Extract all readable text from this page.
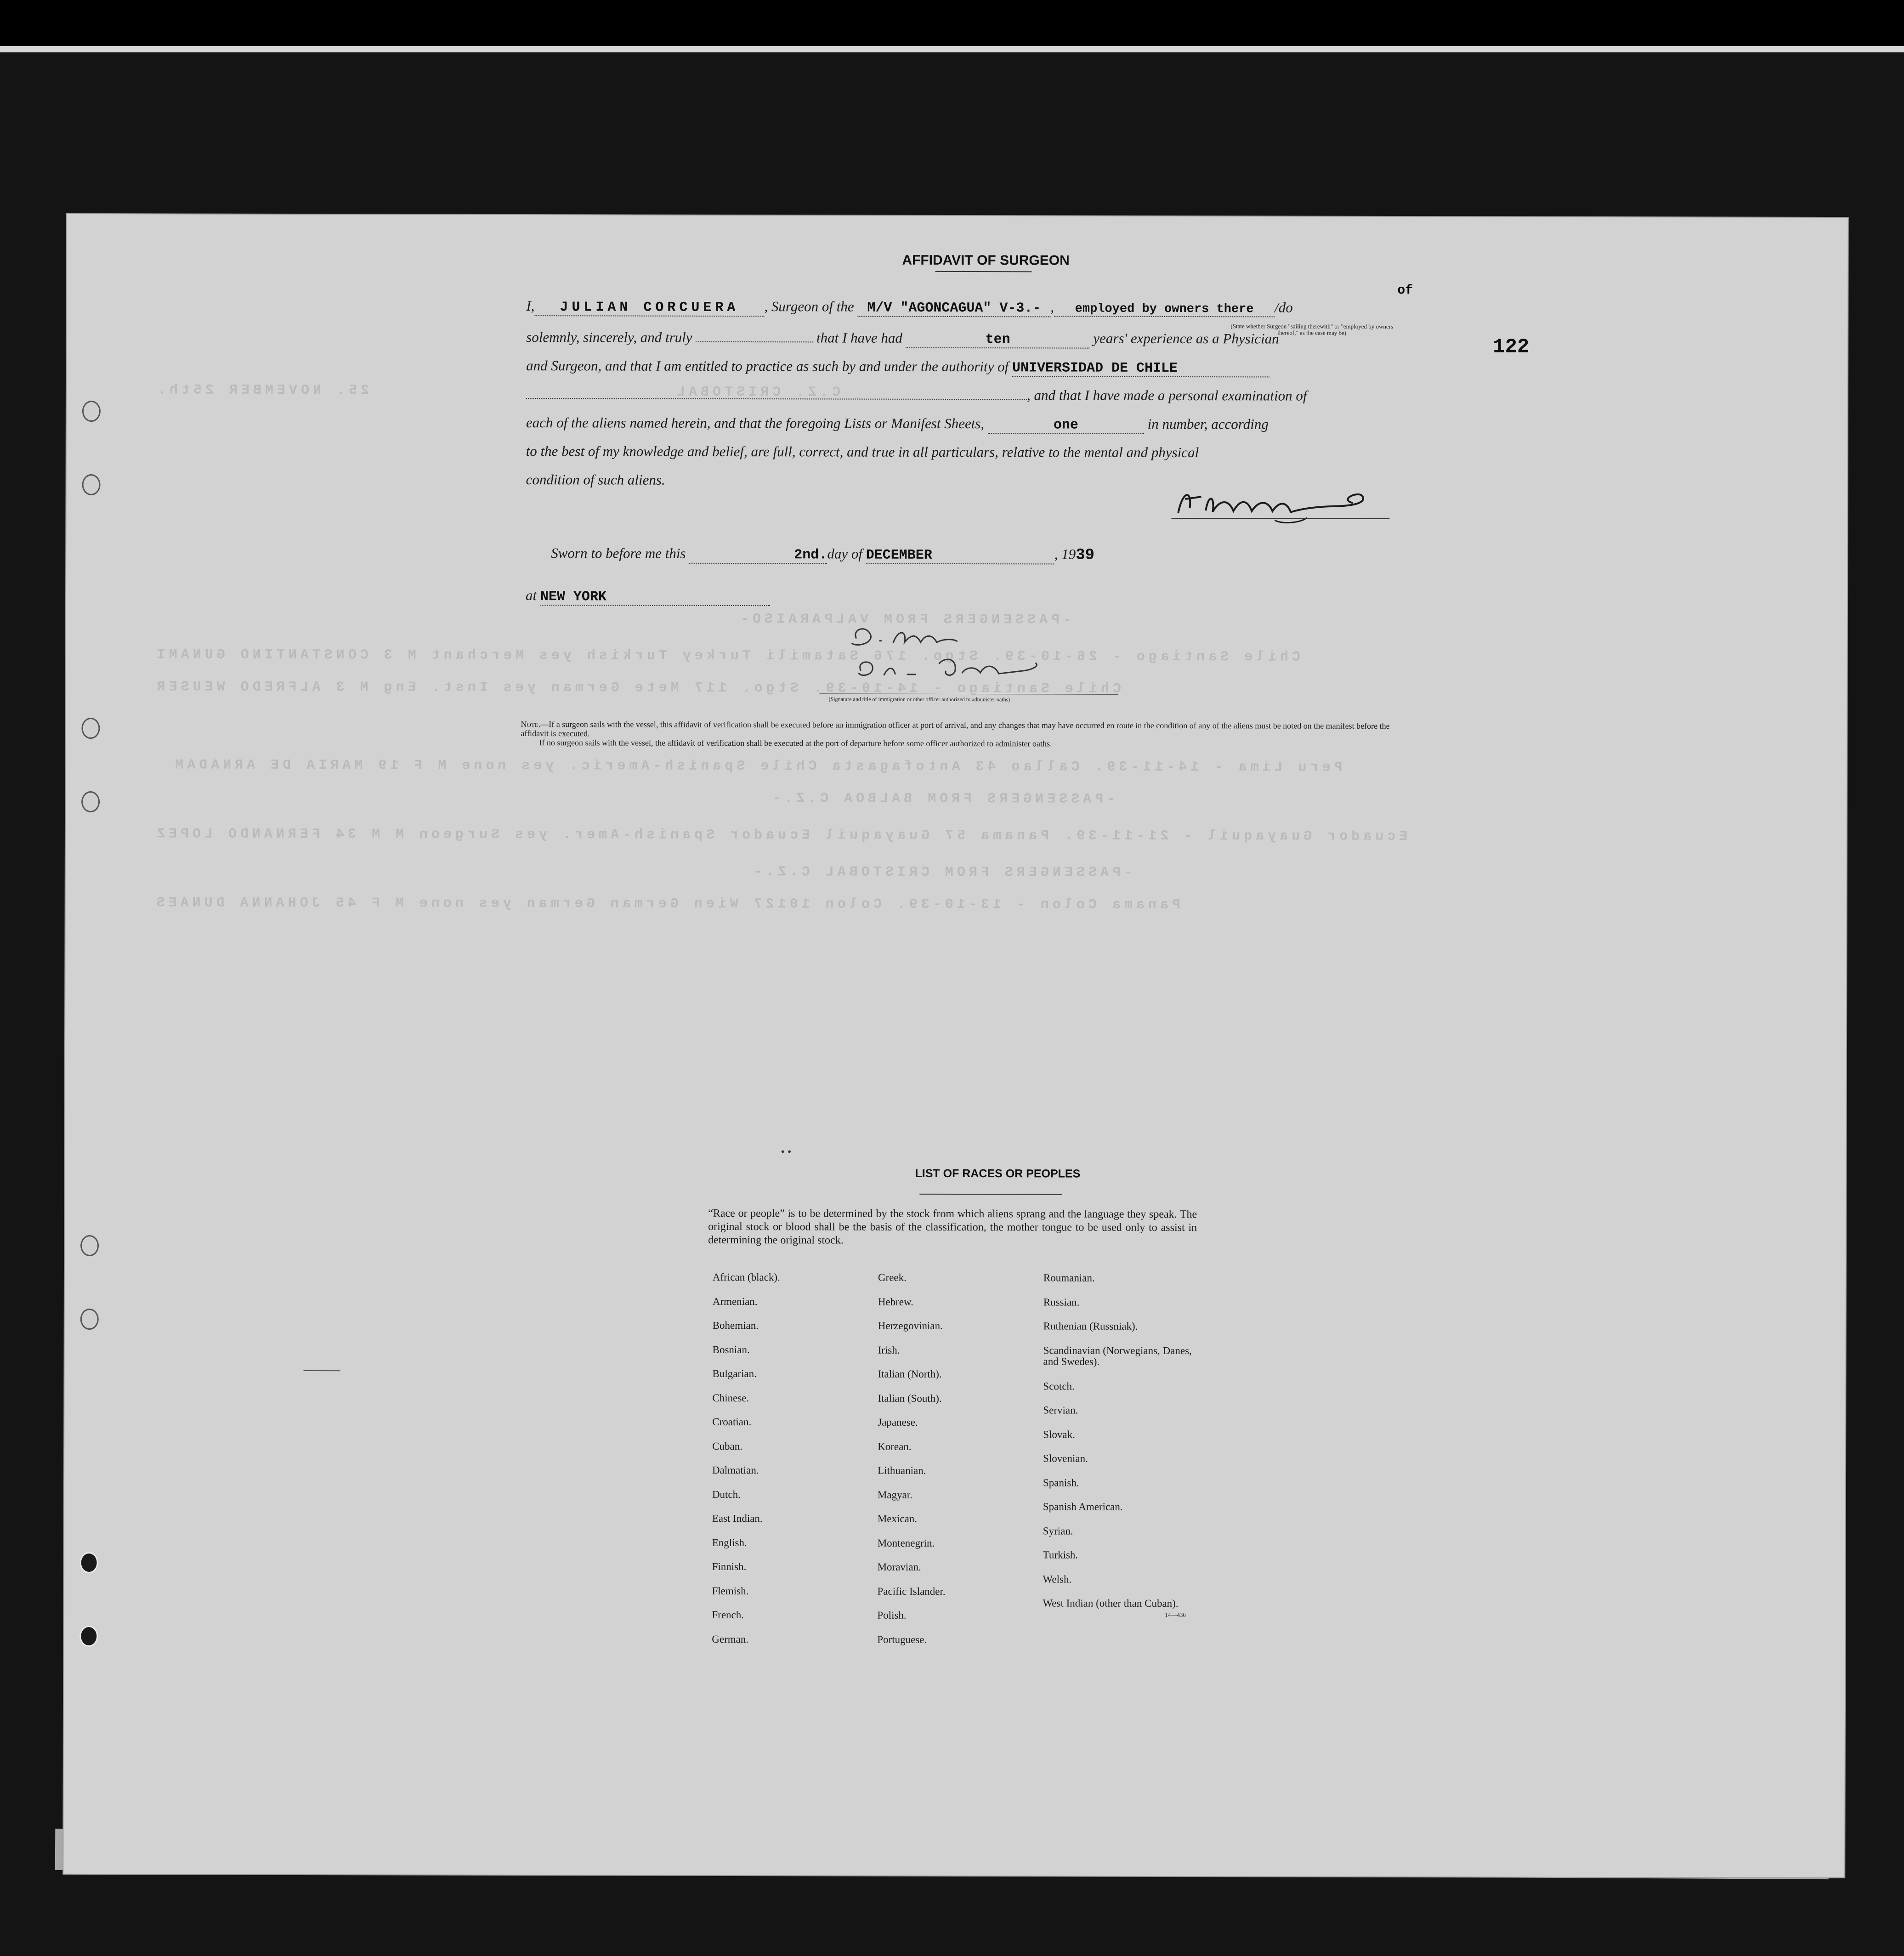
25. NOVEMBER 25th.	C.Z. CRISTOBAL
-PASSENGERS FROM VALPARAISO-
Chile Santiago - 26-10-39. Stgo. 176 Satamili Turkey Turkish yes Merchant M 3 CONSTANTINO GUNAMI
Chile Santiago - 14-10-39. Stgo. 117 Mete German yes Inst. Eng M 3 ALFREDO WEUSER
Peru Lima - 14-11-39. Callao 43 Antofagasta Chile Spanish-Americ. yes none M F 19 MARIA DE ARNADAM
-PASSENGERS FROM BALBOA C.Z.-
Ecuador Guayaquil - 21-11-39. Panama 57 Guayaquil Ecuador Spanish-Amer. yes Surgeon M M 34 FERNANDO LOPEZ
-PASSENGERS FROM CRISTOBAL C.Z.-
Panama Colon - 13-10-39. Colon 10127 Wien German German yes none M F 45 JOHANNA DUNAES
AFFIDAVIT OF SURGEON
of
122
I, JULIAN CORCUERA , Surgeon of the M/V "AGONCAGUA" V-3.- , employed by owners there /do
(State whether Surgeon "sailing therewith" or "employed by owners thereof," as the case may be)
solemnly, sincerely, and truly	that I have had	ten	years' experience as a Physician
and Surgeon, and that I am entitled to practice as such by and under the authority of UNIVERSIDAD DE CHILE
, and that I have made a personal examination of
each of the aliens named herein, and that the foregoing Lists or Manifest Sheets,	one	in number, according
to the best of my knowledge and belief, are full, correct, and true in all particulars, relative to the mental and physical
condition of such aliens.
Sworn to before me this	2nd.day of DECEMBER	, 1939
at NEW YORK
(Signature and title of immigration or other officer authorized to administer oaths)
Note.—If a surgeon sails with the vessel, this affidavit of verification shall be executed before an immigration officer at port of arrival, and any changes that may have occurred en route in the condition of any of the aliens must be noted on the manifest before the affidavit is executed.
If no surgeon sails with the vessel, the affidavit of verification shall be executed at the port of departure before some officer authorized to administer oaths.
••
LIST OF RACES OR PEOPLES
“Race or people” is to be determined by the stock from which aliens sprang and the language they speak. The original stock or blood shall be the basis of the classification, the mother tongue to be used only to assist in determining the original stock.
African (black).
Armenian.
Bohemian.
Bosnian.
Bulgarian.
Chinese.
Croatian.
Cuban.
Dalmatian.
Dutch.
East Indian.
English.
Finnish.
Flemish.
French.
German.
Greek.
Hebrew.
Herzegovinian.
Irish.
Italian (North).
Italian (South).
Japanese.
Korean.
Lithuanian.
Magyar.
Mexican.
Montenegrin.
Moravian.
Pacific Islander.
Polish.
Portuguese.
Roumanian.
Russian.
Ruthenian (Russniak).
Scandinavian (Norwegians, Danes, and Swedes).
Scotch.
Servian.
Slovak.
Slovenian.
Spanish.
Spanish American.
Syrian.
Turkish.
Welsh.
West Indian (other than Cuban).
14—436
